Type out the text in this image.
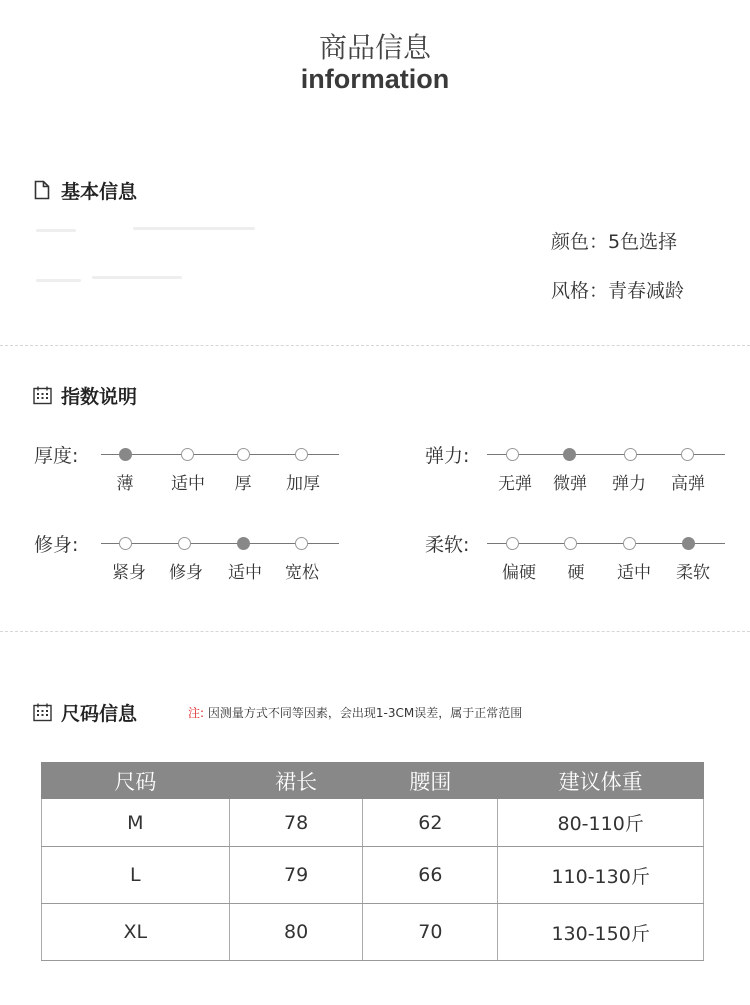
商品信息
information
基本信息
颜色：5色选择
风格：青春减龄
指数说明
厚度:
薄 适中 厚 加厚
弹力:
无弹 微弹 弹力 高弹
修身:
紧身 修身 适中 宽松
柔软:
偏硬 硬 适中 柔软
尺码信息	注: 因测量方式不同等因素，会出现1-3CM误差，属于正常范围
尺码	裙长	腰围	建议体重
M	78	62	80-110斤
L	79	66	110-130斤
XL	80	70	130-150斤
